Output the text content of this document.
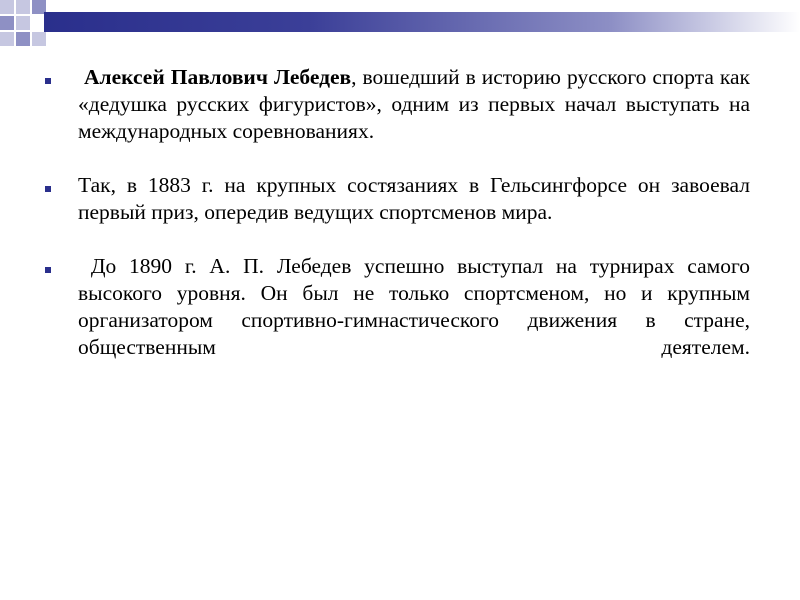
Алексей Павлович Лебедев, вошедший в историю русского спорта как «дедушка русских фигуристов», одним из первых начал выступать на международных соревнованиях.
Так, в 1883 г. на крупных состязаниях в Гельсингфорсе он завоевал первый приз, опередив ведущих спортсменов мира.
До 1890 г. А. П. Лебедев успешно выступал на турнирах самого высокого уровня. Он был не только спортсменом, но и крупным организатором спортивно-гимнастического движения в стране, общественным деятелем.
